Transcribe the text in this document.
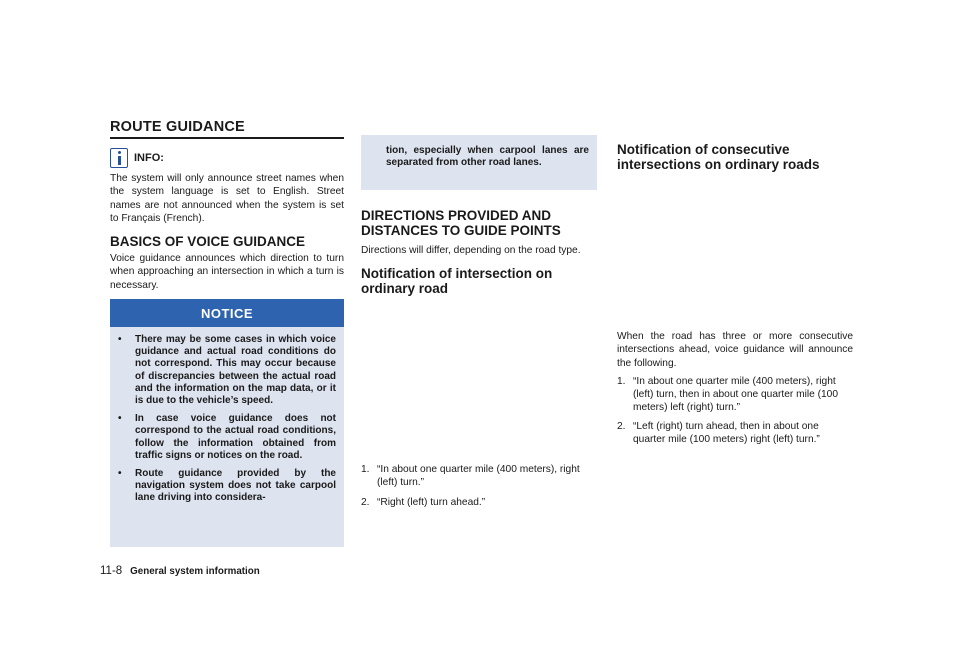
ROUTE GUIDANCE
INFO:

The system will only announce street names when the system language is set to English. Street names are not announced when the system is set to Français (French).

BASICS OF VOICE GUIDANCE

Voice guidance announces which direction to turn when approaching an intersection in which a turn is necessary.

NOTICE
• There may be some cases in which voice guidance and actual road conditions do not correspond. This may occur because of discrepancies between the actual road and the information on the map data, or it is due to the vehicle’s speed.
• In case voice guidance does not correspond to the actual road conditions, follow the information obtained from traffic signs or notices on the road.
• Route guidance provided by the navigation system does not take carpool lane driving into considera-
tion, especially when carpool lanes are separated from other road lanes.
DIRECTIONS PROVIDED AND DISTANCES TO GUIDE POINTS

Directions will differ, depending on the road type.

Notification of intersection on ordinary road
1. “In about one quarter mile (400 meters), right (left) turn.”
2. “Right (left) turn ahead.”
Notification of consecutive intersections on ordinary roads

When the road has three or more consecutive intersections ahead, voice guidance will announce the following.

1. “In about one quarter mile (400 meters), right (left) turn, then in about one quarter mile (100 meters) left (right) turn.”
2. “Left (right) turn ahead, then in about one quarter mile (100 meters) right (left) turn.”
11-8 General system information
